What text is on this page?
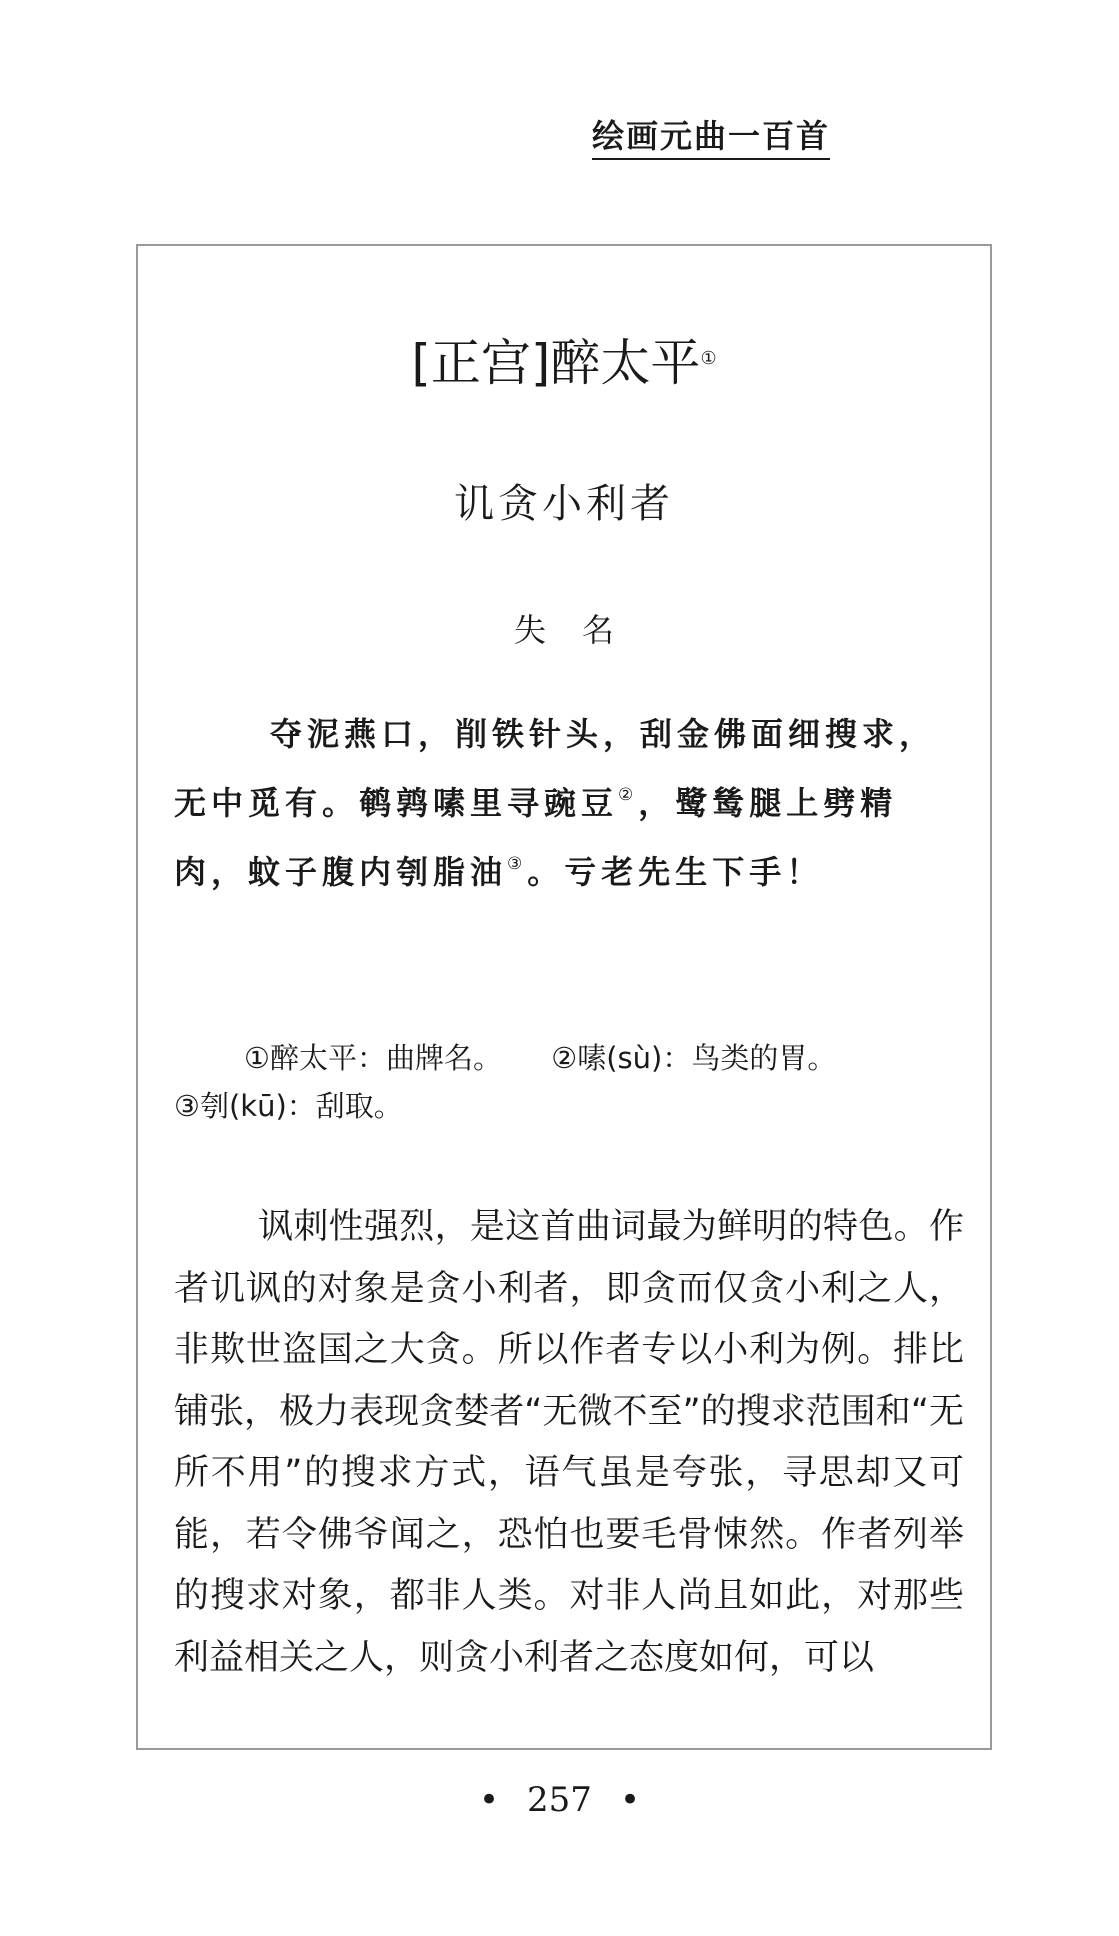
绘画元曲一百首
[正宫]醉太平①
讥贪小利者
失名

夺泥燕口，削铁针头，刮金佛面细搜求，无中觅有。鹌鹑嗉里寻豌豆②，鹭鸶腿上劈精肉，蚊子腹内刳脂油③。亏老先生下手！

①醉太平：曲牌名。 ②嗉(sù)：鸟类的胃。
③刳(kū)：刮取。

讽刺性强烈，是这首曲词最为鲜明的特色。作者讥讽的对象是贪小利者，即贪而仅贪小利之人，非欺世盗国之大贪。所以作者专以小利为例。排比铺张，极力表现贪婪者“无微不至”的搜求范围和“无所不用”的搜求方式，语气虽是夸张，寻思却又可能，若令佛爷闻之，恐怕也要毛骨悚然。作者列举的搜求对象，都非人类。对非人尚且如此，对那些利益相关之人，则贪小利者之态度如何，可以

• 257 •
